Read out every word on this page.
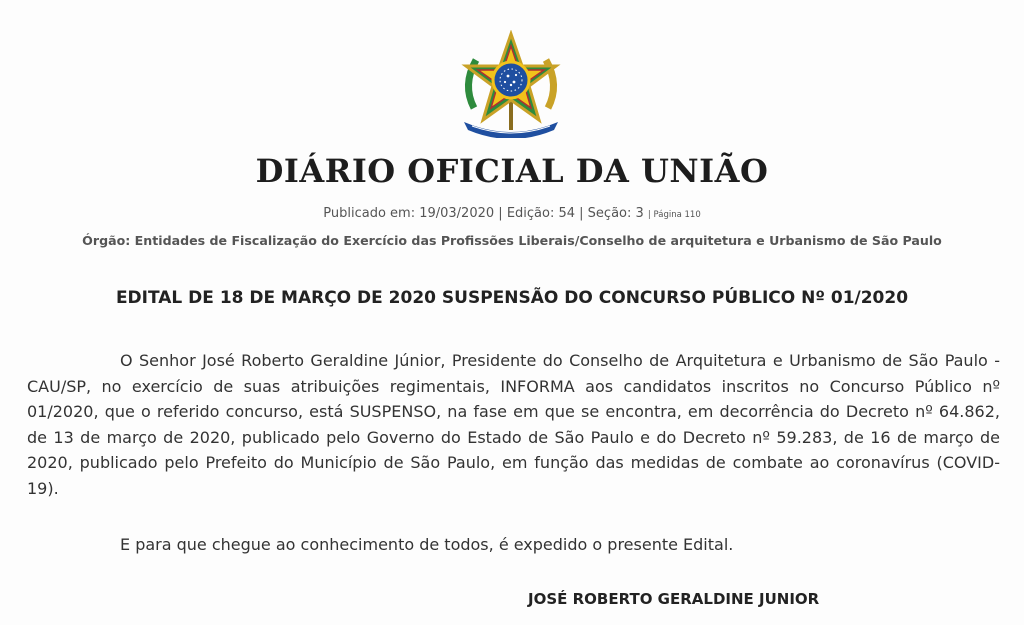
DIÁRIO OFICIAL DA UNIÃO
Publicado em: 19/03/2020 | Edição: 54 | Seção: 3 | Página 110
Órgão: Entidades de Fiscalização do Exercício das Profissões Liberais/Conselho de arquitetura e Urbanismo de São Paulo
EDITAL DE 18 DE MARÇO DE 2020 SUSPENSÃO DO CONCURSO PÚBLICO Nº 01/2020

O Senhor José Roberto Geraldine Júnior, Presidente do Conselho de Arquitetura e Urbanismo de São Paulo - CAU/SP, no exercício de suas atribuições regimentais, INFORMA aos candidatos inscritos no Concurso Público nº 01/2020, que o referido concurso, está SUSPENSO, na fase em que se encontra, em decorrência do Decreto nº 64.862, de 13 de março de 2020, publicado pelo Governo do Estado de São Paulo e do Decreto nº 59.283, de 16 de março de 2020, publicado pelo Prefeito do Município de São Paulo, em função das medidas de combate ao coronavírus (COVID-19).

E para que chegue ao conhecimento de todos, é expedido o presente Edital.
JOSÉ ROBERTO GERALDINE JUNIOR
